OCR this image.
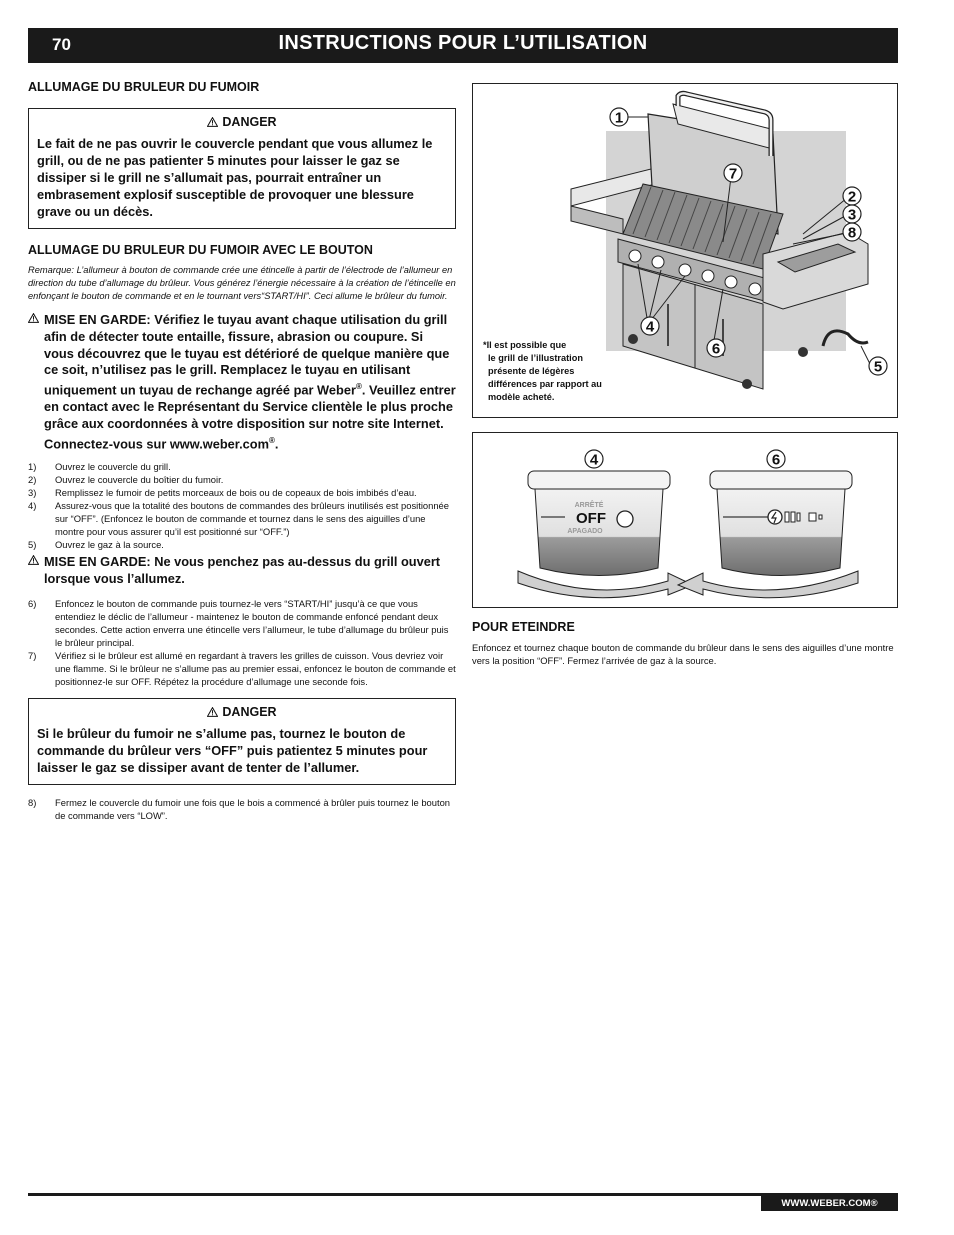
70	INSTRUCTIONS POUR L’UTILISATION

ALLUMAGE DU BRULEUR DU FUMOIR

DANGER
Le fait de ne pas ouvrir le couvercle pendant que vous allumez le grill, ou de ne pas patienter 5 minutes pour laisser le gaz se dissiper si le grill ne s’allumait pas, pourrait entraîner un embrasement explosif susceptible de provoquer une blessure grave ou un décès.

ALLUMAGE DU BRULEUR DU FUMOIR AVEC LE BOUTON

Remarque: L’allumeur à bouton de commande crée une étincelle à partir de l’électrode de l’allumeur en direction du tube d’allumage du brûleur. Vous générez l’énergie nécessaire à la création de l’étincelle en enfonçant le bouton de commande et en le tournant vers“START/HI”. Ceci allume le brûleur du fumoir.
MISE EN GARDE: Vérifiez le tuyau avant chaque utilisation du grill afin de détecter toute entaille, fissure, abrasion ou coupure. Si vous découvrez que le tuyau est détérioré de quelque manière que ce soit, n’utilisez pas le grill. Remplacez le tuyau en utilisant uniquement un tuyau de rechange agréé par Weber®. Veuillez entrer en contact avec le Représentant du Service clientèle le plus proche grâce aux coordonnées à votre disposition sur notre site Internet. Connectez-vous sur www.weber.com®.
1) Ouvrez le couvercle du grill.
2) Ouvrez le couvercle du boîtier du fumoir.
3) Remplissez le fumoir de petits morceaux de bois ou de copeaux de bois imbibés d’eau.
4) Assurez-vous que la totalité des boutons de commandes des brûleurs inutilisés est positionnée sur “OFF”. (Enfoncez le bouton de commande et tournez dans le sens des aiguilles d’une montre pour vous assurer qu’il est positionné sur “OFF.”)
5) Ouvrez le gaz à la source.
MISE EN GARDE: Ne vous penchez pas au-dessus du grill ouvert lorsque vous l’allumez.
6) Enfoncez le bouton de commande puis tournez-le vers “START/HI” jusqu’à ce que vous entendiez le déclic de l’allumeur - maintenez le bouton de commande enfoncé pendant deux secondes. Cette action enverra une étincelle vers l’allumeur, le tube d’allumage du brûleur puis le brûleur principal.
7) Vérifiez si le brûleur est allumé en regardant à travers les grilles de cuisson. Vous devriez voir une flamme. Si le brûleur ne s’allume pas au premier essai, enfoncez le bouton de commande et positionnez-le sur OFF. Répétez la procédure d’allumage une seconde fois.
DANGER
Si le brûleur du fumoir ne s’allume pas, tournez le bouton de commande du brûleur vers “OFF” puis patientez 5 minutes pour laisser le gaz se dissiper avant de tenter de l’allumer.
8) Fermez le couvercle du fumoir une fois que le bois a commencé à brûler puis tournez le bouton de commande vers “LOW”.
1
7
2
3
8
4
6
5
*Il est possible que
le grill de l’illustration
présente de légères
différences par rapport au
modèle acheté.
ARRÊTÉ
OFF
APAGADO
4	6

POUR ETEINDRE

Enfoncez et tournez chaque bouton de commande du brûleur dans le sens des aiguilles d’une montre vers la position “OFF”. Fermez l’arrivée de gaz à la source.
WWW.WEBER.COM®
